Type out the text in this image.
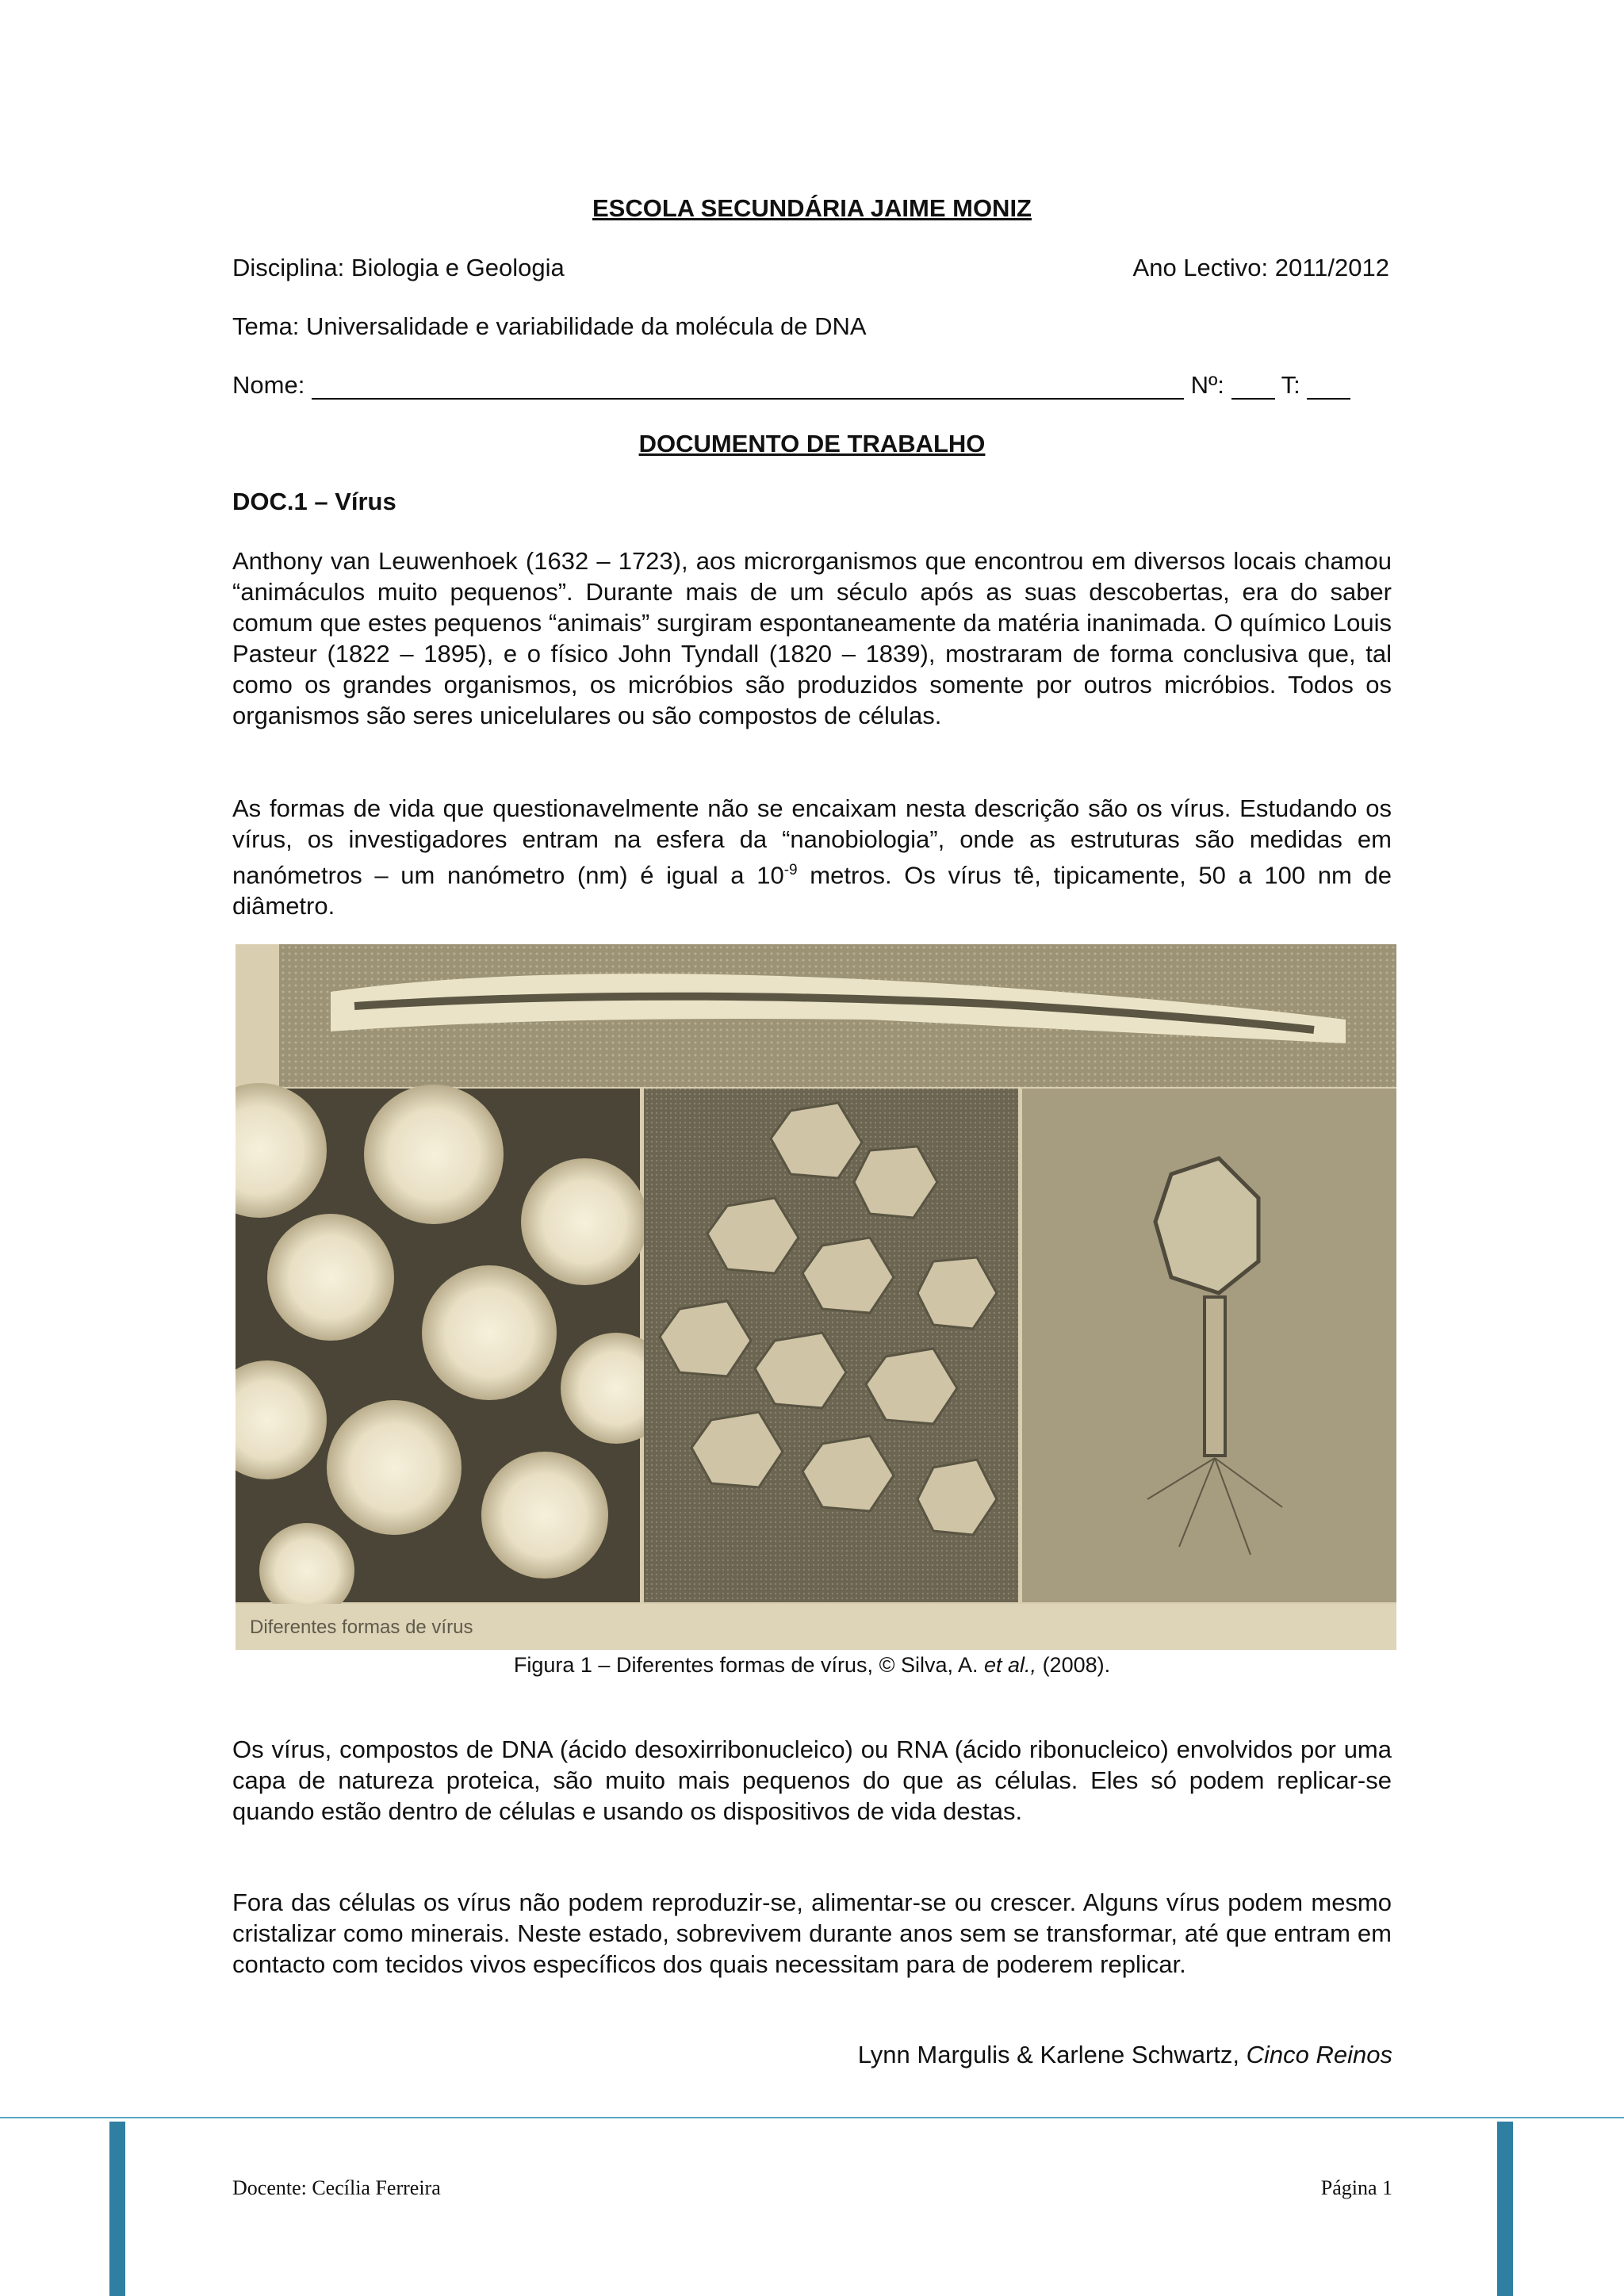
ESCOLA SECUNDÁRIA JAIME MONIZ
Disciplina: Biologia e Geologia	Ano Lectivo: 2011/2012
Tema: Universalidade e variabilidade da molécula de DNA
Nome:	Nº: T:
DOCUMENTO DE TRABALHO
DOC.1 – Vírus
Anthony van Leuwenhoek (1632 – 1723), aos microrganismos que encontrou em diversos locais chamou “animáculos muito pequenos”. Durante mais de um século após as suas descobertas, era do saber comum que estes pequenos “animais” surgiram espontaneamente da matéria inanimada. O químico Louis Pasteur (1822 – 1895), e o físico John Tyndall (1820 – 1839), mostraram de forma conclusiva que, tal como os grandes organismos, os micróbios são produzidos somente por outros micróbios. Todos os organismos são seres unicelulares ou são compostos de células.
As formas de vida que questionavelmente não se encaixam nesta descrição são os vírus. Estudando os vírus, os investigadores entram na esfera da “nanobiologia”, onde as estruturas são medidas em nanómetros – um nanómetro (nm) é igual a $10^{-9}$ metros. Os vírus tê, tipicamente, 50 a 100 nm de diâmetro.
Diferentes formas de vírus
Figura 1 – Diferentes formas de vírus, © Silva, A. et al., (2008).
Os vírus, compostos de DNA (ácido desoxirribonucleico) ou RNA (ácido ribonucleico) envolvidos por uma capa de natureza proteica, são muito mais pequenos do que as células. Eles só podem replicar-se quando estão dentro de células e usando os dispositivos de vida destas.
Fora das células os vírus não podem reproduzir-se, alimentar-se ou crescer. Alguns vírus podem mesmo cristalizar como minerais. Neste estado, sobrevivem durante anos sem se transformar, até que entram em contacto com tecidos vivos específicos dos quais necessitam para de poderem replicar.
Lynn Margulis & Karlene Schwartz, Cinco Reinos
Docente: Cecília Ferreira	Página 1
